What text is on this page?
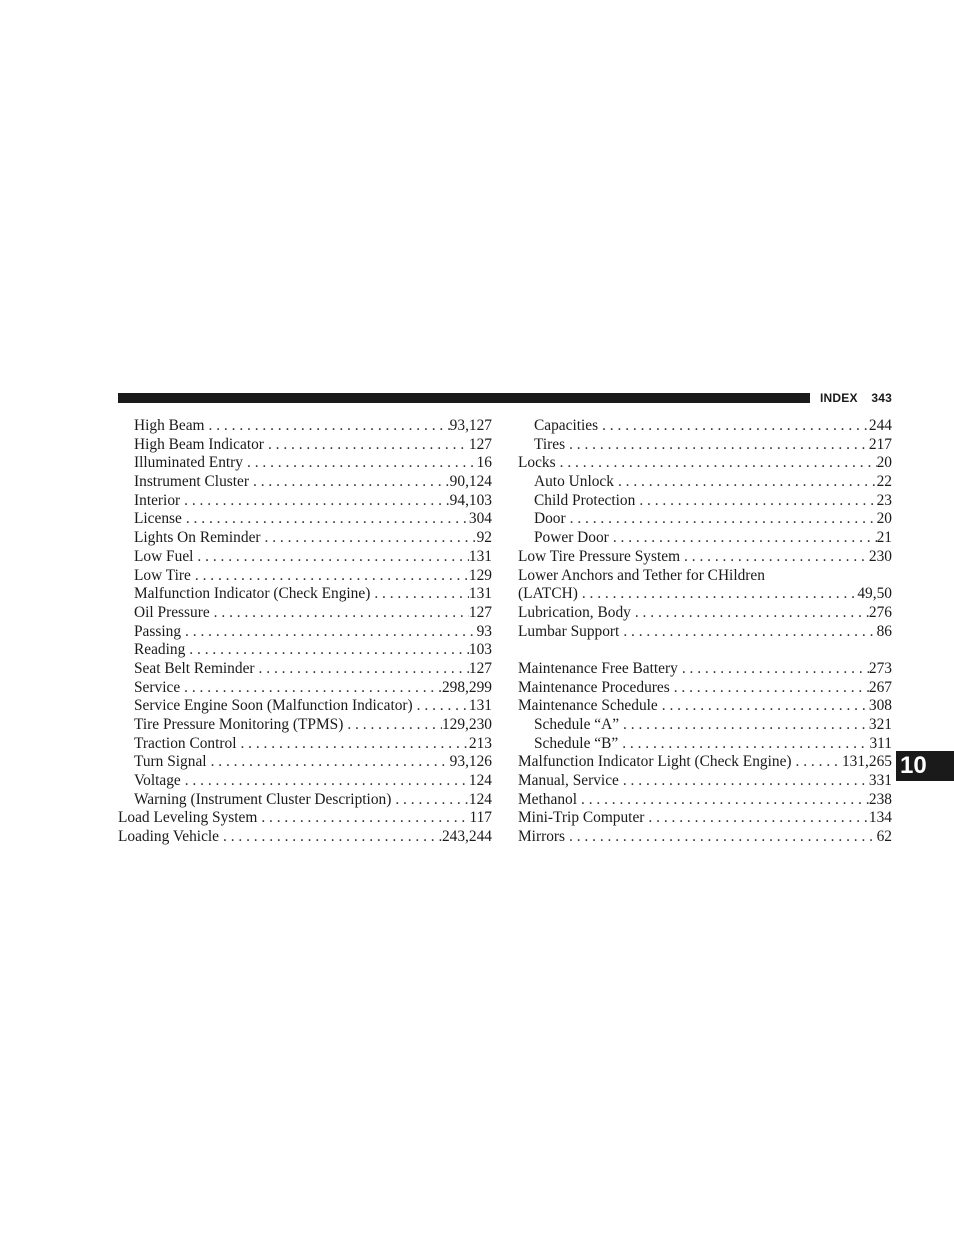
INDEX 343
High Beam . . .	93,127
High Beam Indicator . . .	127
Illuminated Entry . . .	16
Instrument Cluster . . .	90,124
Interior . . .	94,103
License . . .	304
Lights On Reminder . . .	92
Low Fuel . . .	131
Low Tire . . .	129
Malfunction Indicator (Check Engine) . . .	131
Oil Pressure . . .	127
Passing . . .	93
Reading . . .	103
Seat Belt Reminder . . .	127
Service . . .	298,299
Service Engine Soon (Malfunction Indicator) . . .	131
Tire Pressure Monitoring (TPMS) . . .	129,230
Traction Control . . .	213
Turn Signal . . .	93,126
Voltage . . .	124
Warning (Instrument Cluster Description) . . .	124
Load Leveling System . . .	117
Loading Vehicle . . .	243,244
Capacities . . .	244
Tires . . .	217
Locks . . .	20
Auto Unlock . . .	22
Child Protection . . .	23
Door . . .	20
Power Door . . .	21
Low Tire Pressure System . . .	230
Lower Anchors and Tether for CHildren
(LATCH) . . .	49,50
Lubrication, Body . . .	276
Lumbar Support . . .	86
Maintenance Free Battery . . .	273
Maintenance Procedures . . .	267
Maintenance Schedule . . .	308
Schedule “A” . . .	321
Schedule “B” . . .	311
Malfunction Indicator Light (Check Engine) . . .	131,265
Manual, Service . . .	331
Methanol . . .	238
Mini-Trip Computer . . .	134
Mirrors . . .	62
10
